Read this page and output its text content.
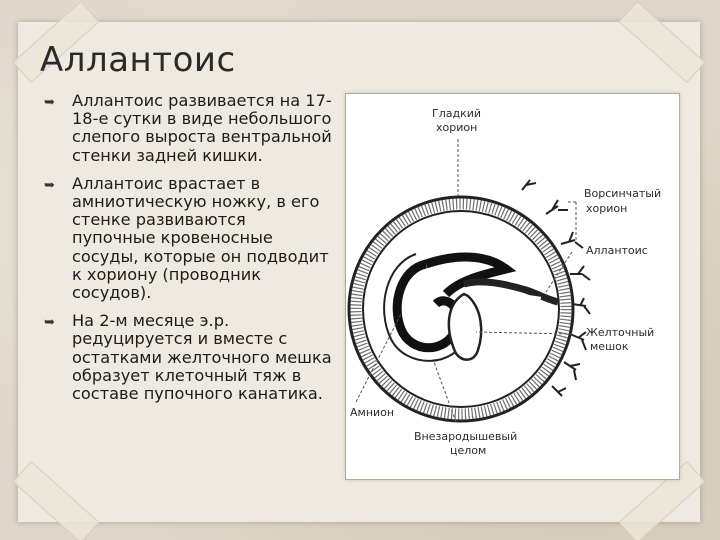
Аллантоис
➥ Аллантоис развивается на 17-18-е сутки в виде небольшого слепого выроста вентральной стенки задней кишки.
➥ Аллантоис врастает в амниотическую ножку, в его стенке развиваются пупочные кровеносные сосуды, которые он подводит к хориону (проводник сосудов).
➥ На 2-м месяце э.р. редуцируется и вместе с остатками желточного мешка образует клеточный тяж в составе пупочного канатика.
Гладкий
хорион
Ворсинчатый
хорион
Аллантоис
Желточный
мешок
Амнион
Внезародышевый
целом
